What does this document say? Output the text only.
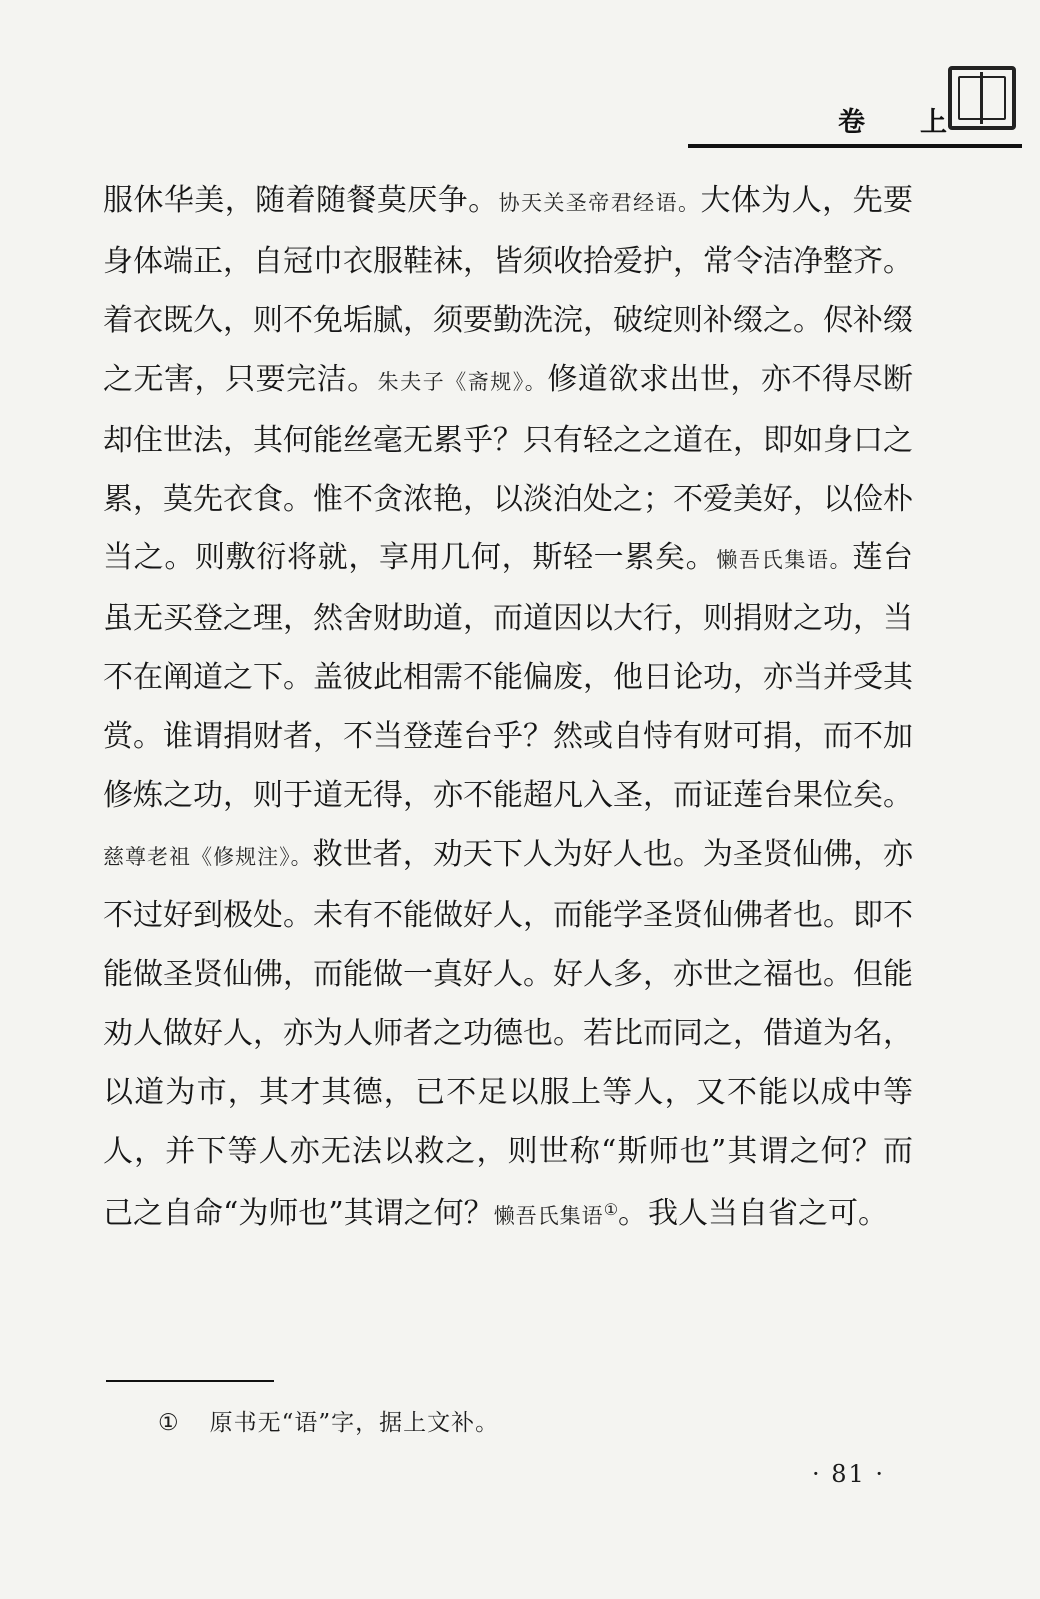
卷　上
服休华美，随着随餐莫厌争。协天关圣帝君经语。大体为人，先要身体端正，自冠巾衣服鞋袜，皆须收拾爱护，常令洁净整齐。着衣既久，则不免垢腻，须要勤洗浣，破绽则补缀之。侭补缀之无害，只要完洁。朱夫子《斋规》。修道欲求出世，亦不得尽断却住世法，其何能丝毫无累乎？只有轻之之道在，即如身口之累，莫先衣食。惟不贪浓艳，以淡泊处之；不爱美好，以俭朴当之。则敷衍将就，享用几何，斯轻一累矣。懒吾氏集语。莲台虽无买登之理，然舍财助道，而道因以大行，则捐财之功，当不在阐道之下。盖彼此相需不能偏废，他日论功，亦当并受其赏。谁谓捐财者，不当登莲台乎？然或自恃有财可捐，而不加修炼之功，则于道无得，亦不能超凡入圣，而证莲台果位矣。慈尊老祖《修规注》。救世者，劝天下人为好人也。为圣贤仙佛，亦不过好到极处。未有不能做好人，而能学圣贤仙佛者也。即不能做圣贤仙佛，而能做一真好人。好人多，亦世之福也。但能劝人做好人，亦为人师者之功德也。若比而同之，借道为名，以道为市，其才其德，已不足以服上等人，又不能以成中等人，并下等人亦无法以救之，则世称“斯师也”其谓之何？而己之自命“为师也”其谓之何？懒吾氏集语①。我人当自省之可。
① 原书无“语”字，据上文补。
· 81 ·
